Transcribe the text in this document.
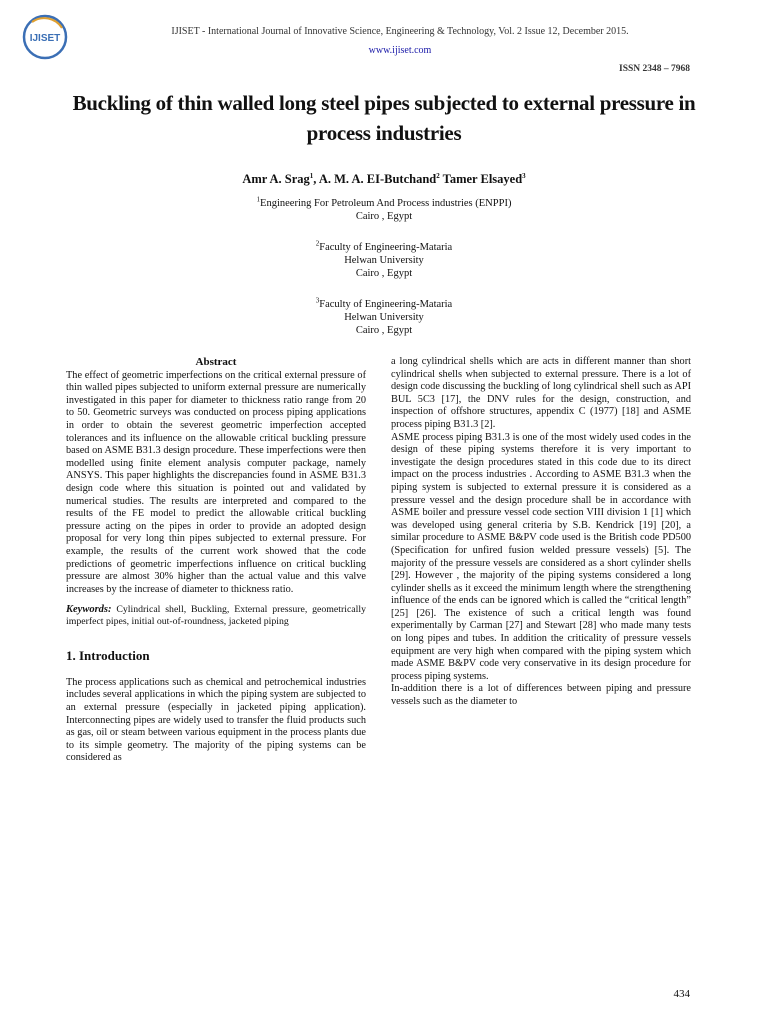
IJISET
IJISET - International Journal of Innovative Science, Engineering & Technology, Vol. 2 Issue 12, December 2015.
www.ijiset.com
ISSN 2348 – 7968
Buckling of thin walled long steel pipes subjected to external pressure in process industries
Amr A. Srag$^1$, A. M. A. EI-Butchand$^2$ Tamer Elsayed$^3$

$^1$Engineering For Petroleum And Process industries (ENPPI)

Cairo , Egypt

$^2$Faculty of Engineering-Mataria

Helwan University

Cairo , Egypt

$^3$Faculty of Engineering-Mataria

Helwan University

Cairo , Egypt

Abstract

The effect of geometric imperfections on the critical external pressure of thin walled pipes subjected to uniform external pressure are numerically investigated in this paper for diameter to thickness ratio range from 20 to 50. Geometric surveys was conducted on process piping applications in order to obtain the severest geometric imperfection accepted tolerances and its influence on the allowable critical buckling pressure based on ASME B31.3 design procedure. These imperfections were then modelled using finite element analysis computer package, namely ANSYS. This paper highlights the discrepancies found in ASME B31.3 design code where this situation is pointed out and validated by numerical studies. The results are interpreted and compared to the results of the FE model to predict the allowable critical buckling pressure acting on the pipes in order to provide an adopted design proposal for very long thin pipes subjected to external pressure. For example, the results of the current work showed that the code predictions of geometric imperfections influence on critical buckling pressure are almost 30% higher than the actual value and this valve increases by the increase of diameter to thickness ratio.

Keywords: Cylindrical shell, Buckling, External pressure, geometrically imperfect pipes, initial out-of-roundness, jacketed piping

1. Introduction

The process applications such as chemical and petrochemical industries includes several applications in which the piping system are subjected to an external pressure (especially in jacketed piping application). Interconnecting pipes are widely used to transfer the fluid products such as gas, oil or steam between various equipment in the process plants due to its simple geometry. The majority of the piping systems can be considered as

a long cylindrical shells which are acts in different manner than short cylindrical shells when subjected to external pressure. There is a lot of design code discussing the buckling of long cylindrical shell such as API BUL 5C3 [17], the DNV rules for the design, construction, and inspection of offshore structures, appendix C (1977) [18] and ASME process piping B31.3 [2].

ASME process piping B31.3 is one of the most widely used codes in the design of these piping systems therefore it is very important to investigate the design procedures stated in this code due to its direct impact on the process industries . According to ASME B31.3 when the piping system is subjected to external pressure it is considered as a pressure vessel and the design procedure shall be in accordance with ASME boiler and pressure vessel code section VIII division 1 [1] which was developed using general criteria by S.B. Kendrick [19] [20], a similar procedure to ASME B&PV code used is the British code PD500 (Specification for unfired fusion welded pressure vessels) [5]. The majority of the pressure vessels are considered as a short cylinder shells [29]. However , the majority of the piping systems considered a long cylinder shells as it exceed the minimum length where the strengthening influence of the ends can be ignored which is called the “critical length” [25] [26]. The existence of such a critical length was found experimentally by Carman [27] and Stewart [28] who made many tests on long pipes and tubes. In addition the criticality of pressure vessels equipment are very high when compared with the piping system which made ASME B&PV code very conservative in its design procedure for process piping systems.

In-addition there is a lot of differences between piping and pressure vessels such as the diameter to

434
